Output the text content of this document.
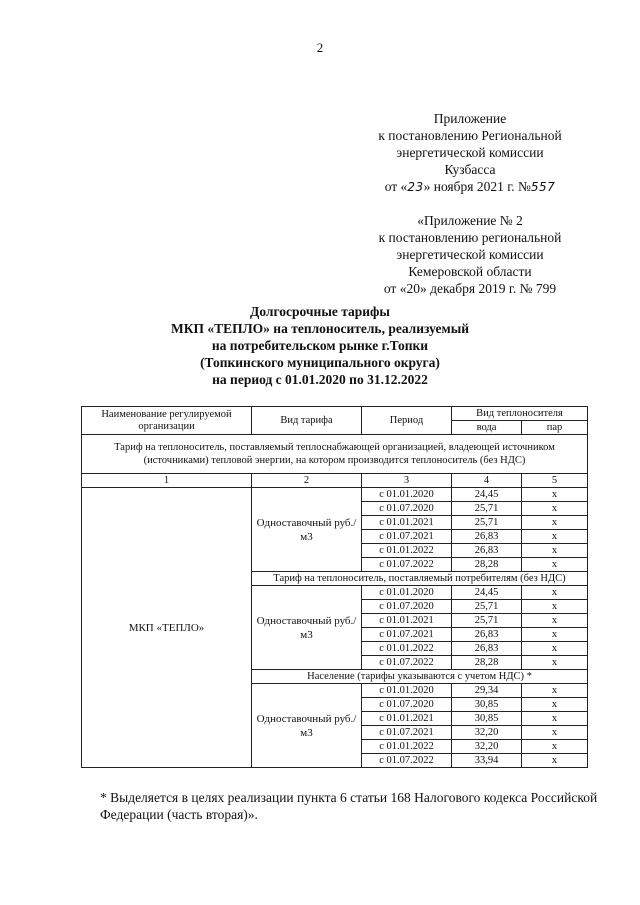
2
Приложение
к постановлению Региональной
энергетической комиссии
Кузбасса
от «23» ноября 2021 г. №557
«Приложение № 2
к постановлению региональной
энергетической комиссии
Кемеровской области
от «20» декабря 2019 г. № 799
Долгосрочные тарифы
МКП «ТЕПЛО» на теплоноситель, реализуемый
на потребительском рынке г.Топки
(Топкинского муниципального округа)
на период с 01.01.2020 по 31.12.2022
Наименование регулируемой организации	Вид тарифа	Период	Вид теплоносителя	
			вода	пар
Тариф на теплоноситель, поставляемый теплоснабжающей организацией, владеющей источником (источниками) тепловой энергии, на котором производится теплоноситель (без НДС)				
1	2	3	4	5
МКП «ТЕПЛО»	Одноставочный руб./м3	с 01.01.2020	24,45	х
		с 01.07.2020	25,71	х
		с 01.01.2021	25,71	х
		с 01.07.2021	26,83	х
		с 01.01.2022	26,83	х
		с 01.07.2022	28,28	х
	Тариф на теплоноситель, поставляемый потребителям (без НДС)			
	Одноставочный руб./м3	с 01.01.2020	24,45	х
		с 01.07.2020	25,71	х
		с 01.01.2021	25,71	х
		с 01.07.2021	26,83	х
		с 01.01.2022	26,83	х
		с 01.07.2022	28,28	х
	Население (тарифы указываются с учетом НДС) *			
	Одноставочный руб./м3	с 01.01.2020	29,34	х
		с 01.07.2020	30,85	х
		с 01.01.2021	30,85	х
		с 01.07.2021	32,20	х
		с 01.01.2022	32,20	х
		с 01.07.2022	33,94	х
* Выделяется в целях реализации пункта 6 статьи 168 Налогового кодекса Российской Федерации (часть вторая)».
